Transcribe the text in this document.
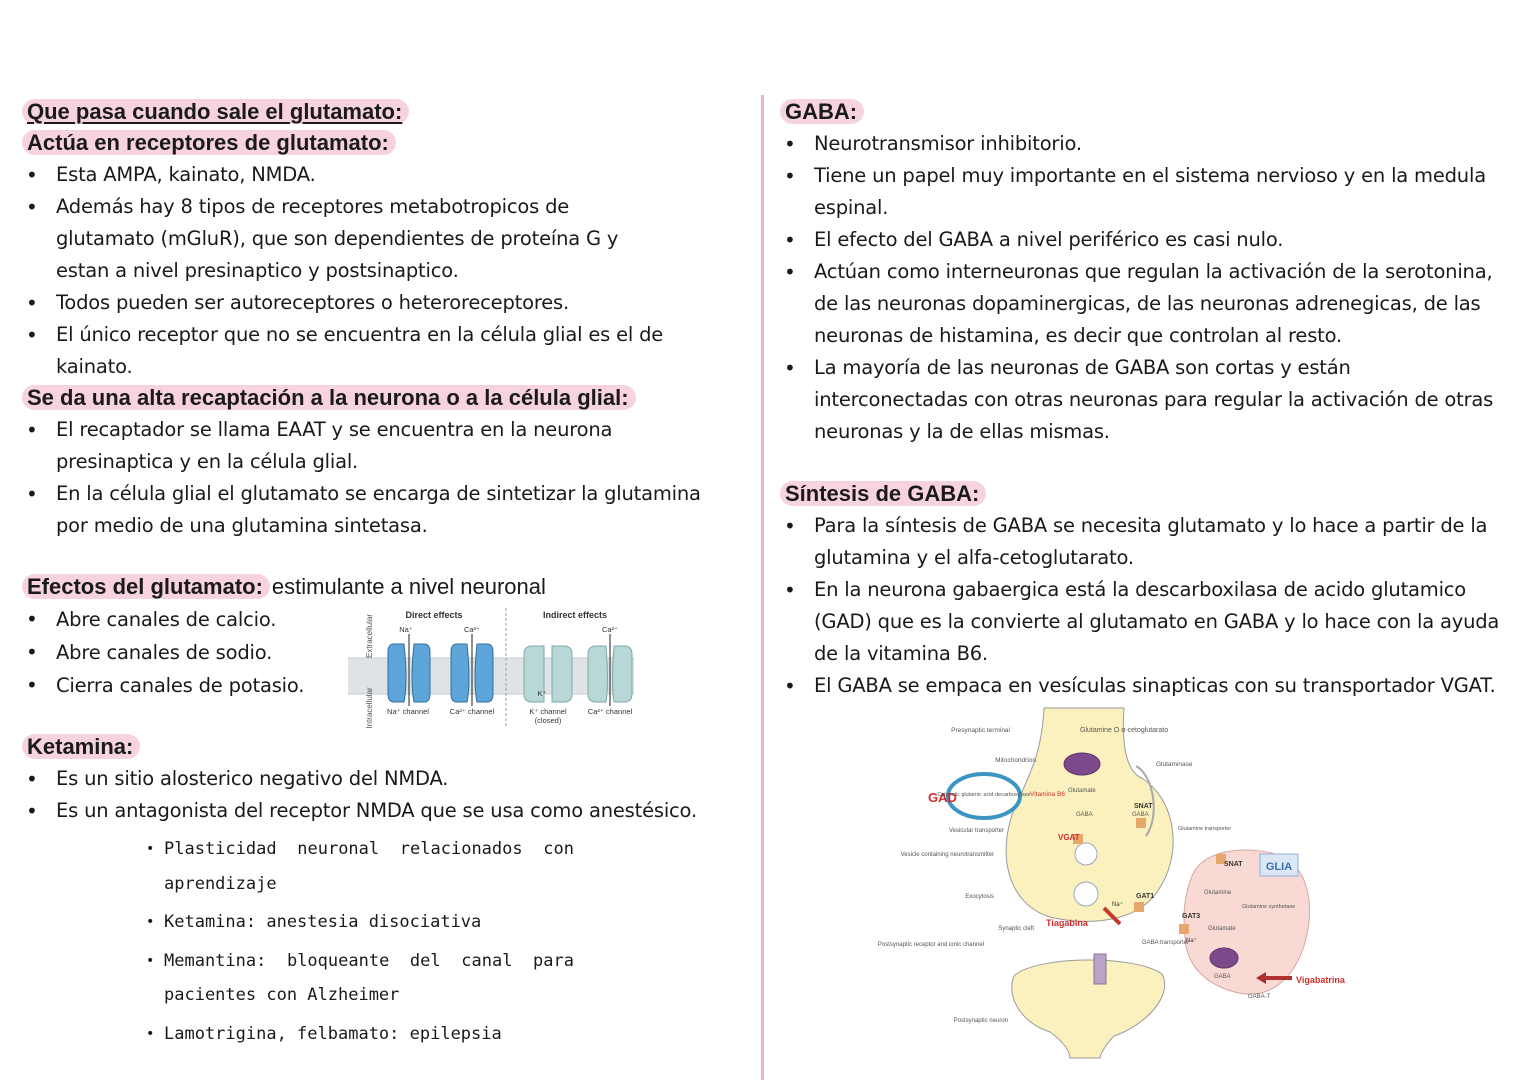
Que pasa cuando sale el glutamato:
Actúa en receptores de glutamato:
• Esta AMPA, kainato, NMDA.
• Además hay 8 tipos de receptores metabotropicos de glutamato (mGluR), que son dependientes de proteína G y estan a nivel presinaptico y postsinaptico.
• Todos pueden ser autoreceptores o heteroreceptores.
• El único receptor que no se encuentra en la célula glial es el de kainato.
Se da una alta recaptación a la neurona o a la célula glial:
• El recaptador se llama EAAT y se encuentra en la neurona presinaptica y en la célula glial.
• En la célula glial el glutamato se encarga de sintetizar la glutamina por medio de una glutamina sintetasa.
Efectos del glutamato: estimulante a nivel neuronal
• Abre canales de calcio.
• Abre canales de sodio.
• Cierra canales de potasio.
Extracellular
Intracellular
Direct effects	Indirect effects
Na⁺	Ca²⁺
K⁺
Ca²⁺
Na⁺ channel	Ca²⁺ channel	K⁺ channel
(closed)
Ca²⁺ channel
Ketamina:
• Es un sitio alosterico negativo del NMDA.
• Es un antagonista del receptor NMDA que se usa como anestésico.
• Plasticidad neuronal relacionados con aprendizaje
• Ketamina: anestesia disociativa
• Memantina: bloqueante del canal para pacientes con Alzheimer
• Lamotrigina, felbamato: epilepsia
GABA:
• Neurotransmisor inhibitorio.
• Tiene un papel muy importante en el sistema nervioso y en la medula espinal.
• El efecto del GABA a nivel periférico es casi nulo.
• Actúan como interneuronas que regulan la activación de la serotonina, de las neuronas dopaminergicas, de las neuronas adrenegicas, de las neuronas de histamina, es decir que controlan al resto.
• La mayoría de las neuronas de GABA son cortas y están interconectadas con otras neuronas para regular la activación de otras neuronas y la de ellas mismas.
Síntesis de GABA:
• Para la síntesis de GABA se necesita glutamato y lo hace a partir de la glutamina y el alfa-cetoglutarato.
• En la neurona gabaergica está la descarboxilasa de acido glutamico (GAD) que es la convierte al glutamato en GABA y lo hace con la ayuda de la vitamina B6.
• El GABA se empaca en vesículas sinapticas con su transportador VGAT.
Presynaptic terminal	Glutamine O α-cetoglutarato
Mitochondrion
Glutaminase
GAD
Cytosolic glutamic acid decarboxylase Vitamina B6 Glutamate
GABA
Vesicular transporter
VGAT
Vesicle containing neurotransmitter
Exocytosis
Synaptic cleft
Tiagabina
Postsynaptic receptor and ionic channel
Postsynaptic neuron
SNAT
Glutamine transporter
SNAT GLIA
Glutamine
Glutamine synthetase
Glutamate
GAT1
GAT3
Na⁺
Na⁺
GABA
GABA transporter
GABA
GABA-T
Vigabatrina
